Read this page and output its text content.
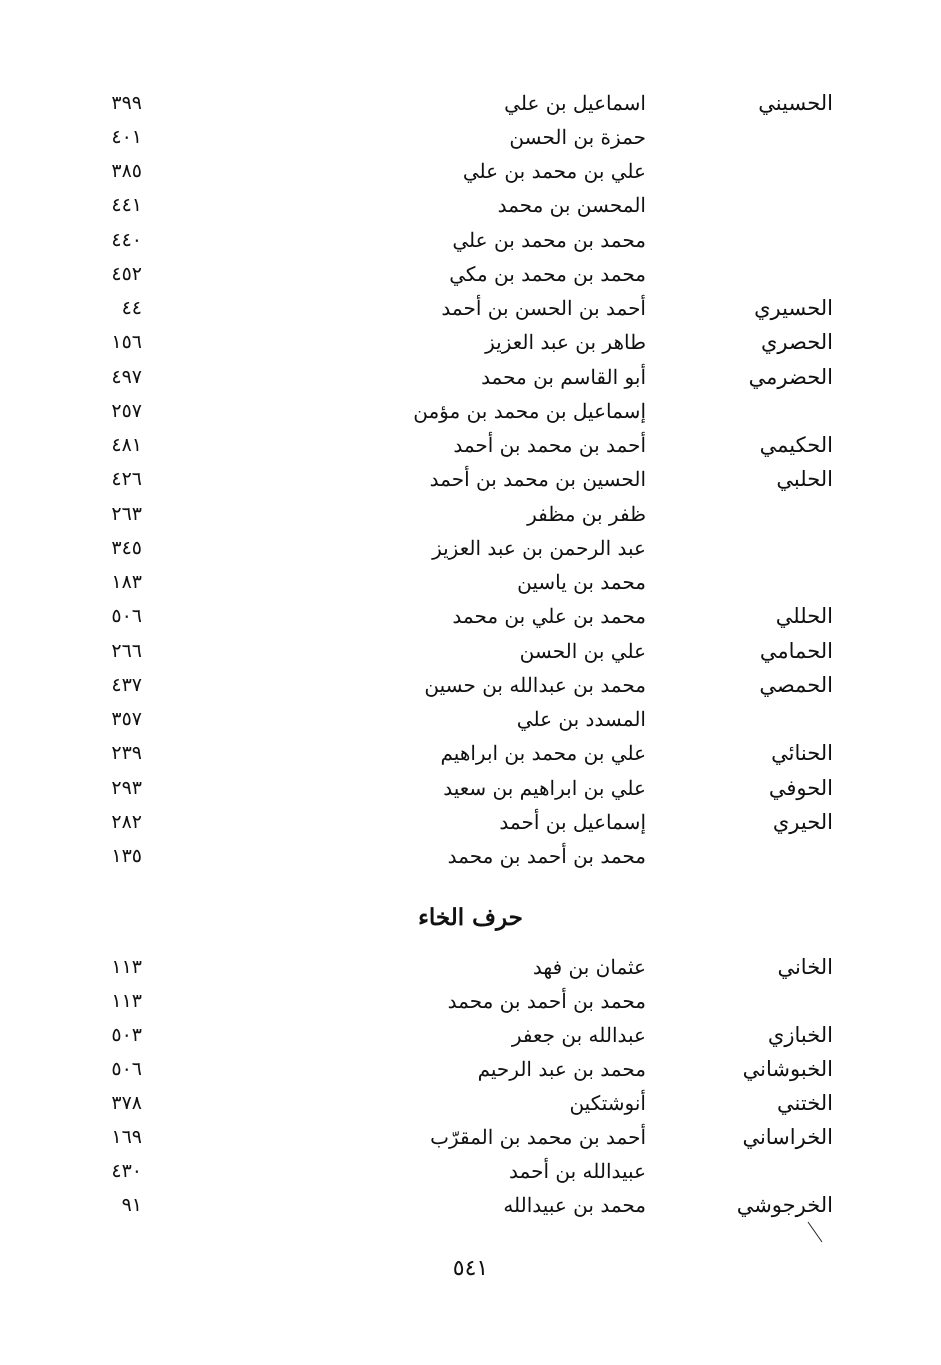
الحسيني
اسماعيل بن علي
٣٩٩
حمزة بن الحسن
٤٠١
علي بن محمد بن علي
٣٨٥
المحسن بن محمد
٤٤١
محمد بن محمد بن علي
٤٤٠
محمد بن محمد بن مكي
٤٥٢
الحسيري
أحمد بن الحسن بن أحمد
٤٤
الحصري
طاهر بن عبد العزيز
١٥٦
الحضرمي
أبو القاسم بن محمد
٤٩٧
إسماعيل بن محمد بن مؤمن
٢٥٧
الحكيمي
أحمد بن محمد بن أحمد
٤٨١
الحلبي
الحسين بن محمد بن أحمد
٤٢٦
ظفر بن مظفر
٢٦٣
عبد الرحمن بن عبد العزيز
٣٤٥
محمد بن ياسين
١٨٣
الحللي
محمد بن علي بن محمد
٥٠٦
الحمامي
علي بن الحسن
٢٦٦
الحمصي
محمد بن عبدالله بن حسين
٤٣٧
المسدد بن علي
٣٥٧
الحنائي
علي بن محمد بن ابراهيم
٢٣٩
الحوفي
علي بن ابراهيم بن سعيد
٢٩٣
الحيري
إسماعيل بن أحمد
٢٨٢
محمد بن أحمد بن محمد
١٣٥
حرف الخاء
الخاني
عثمان بن فهد
١١٣
محمد بن أحمد بن محمد
١١٣
الخبازي
عبدالله بن جعفر
٥٠٣
الخبوشاني
محمد بن عبد الرحيم
٥٠٦
الختني
أنوشتكين
٣٧٨
الخراساني
أحمد بن محمد بن المقرّب
١٦٩
عبيدالله بن أحمد
٤٣٠
الخرجوشي
محمد بن عبيدالله
٩١
٥٤١
